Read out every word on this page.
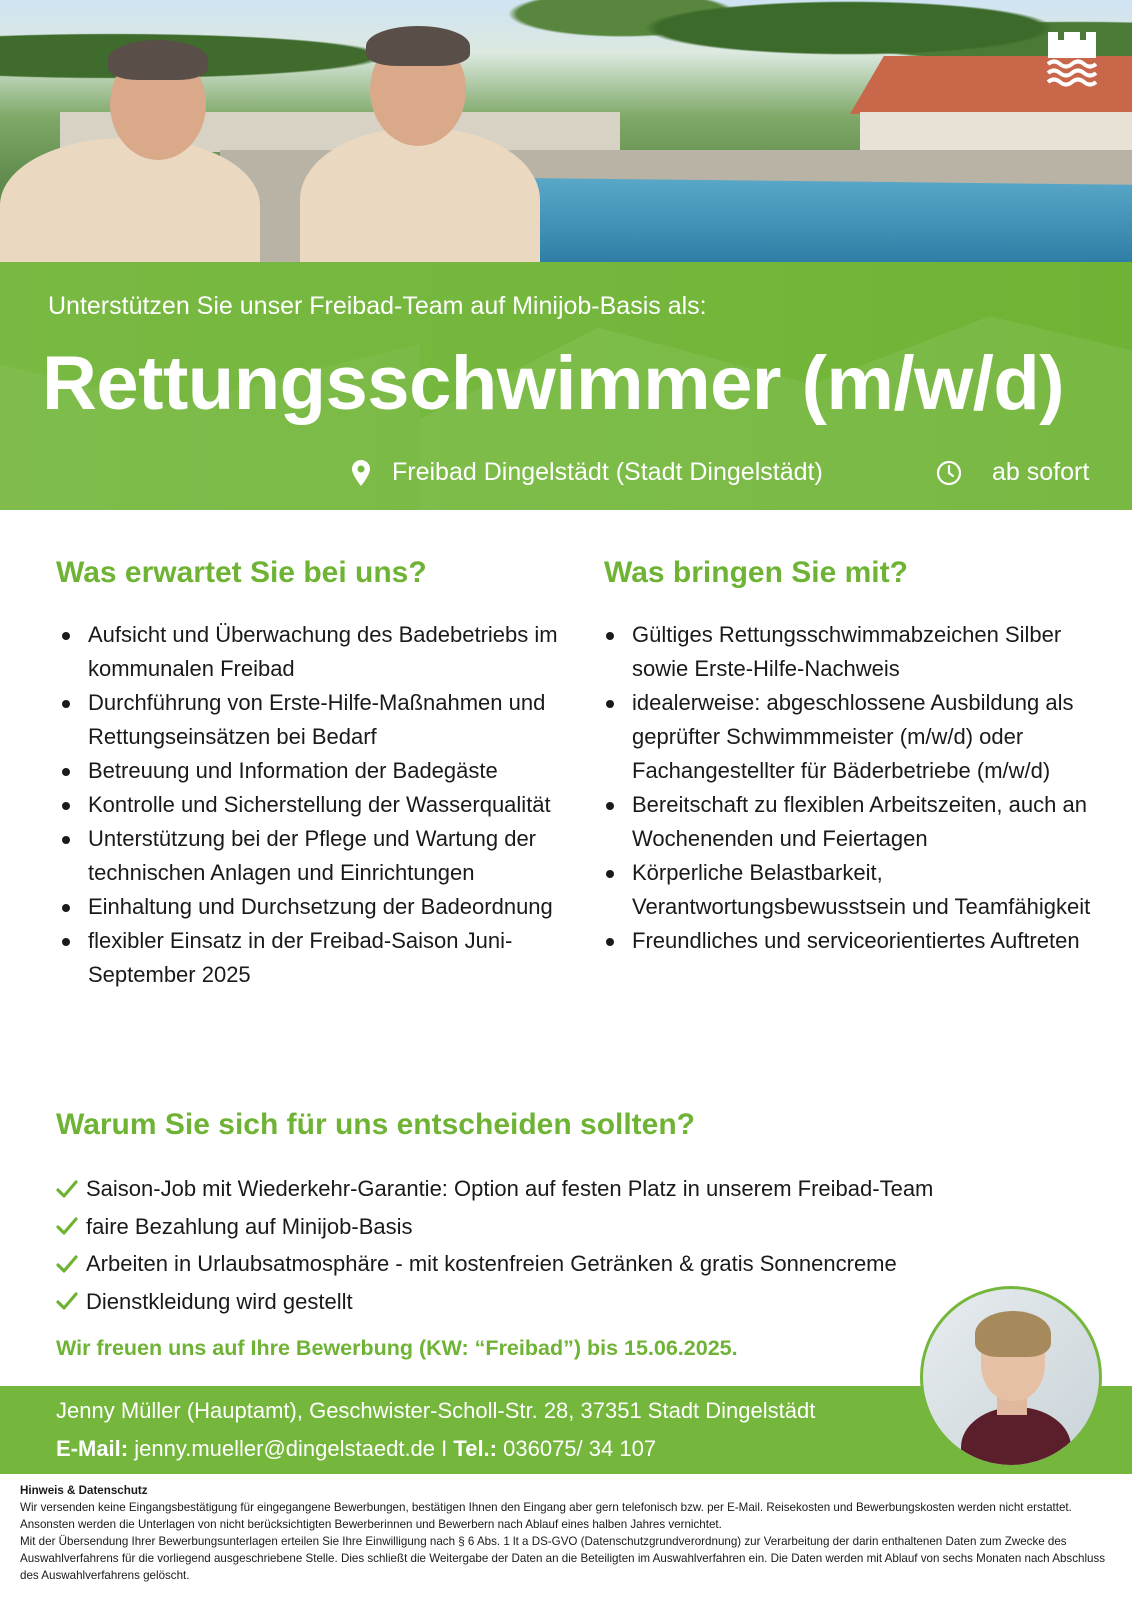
Unterstützen Sie unser Freibad-Team auf Minijob-Basis als:
Rettungsschwimmer (m/w/d)
Freibad Dingelstädt (Stadt Dingelstädt)	ab sofort
Was erwartet Sie bei uns?
Aufsicht und Überwachung des Badebetriebs im kommunalen Freibad
Durchführung von Erste-Hilfe-Maßnahmen und Rettungseinsätzen bei Bedarf
Betreuung und Information der Badegäste
Kontrolle und Sicherstellung der Wasserqualität
Unterstützung bei der Pflege und Wartung der technischen Anlagen und Einrichtungen
Einhaltung und Durchsetzung der Badeordnung
flexibler Einsatz in der Freibad-Saison Juni-September 2025
Was bringen Sie mit?
Gültiges Rettungsschwimmabzeichen Silber sowie Erste-Hilfe-Nachweis
idealerweise: abgeschlossene Ausbildung als geprüfter Schwimmmeister (m/w/d) oder Fachangestellter für Bäderbetriebe (m/w/d)
Bereitschaft zu flexiblen Arbeitszeiten, auch an Wochenenden und Feiertagen
Körperliche Belastbarkeit, Verantwortungsbewusstsein und Teamfähigkeit
Freundliches und serviceorientiertes Auftreten
Warum Sie sich für uns entscheiden sollten?
Saison-Job mit Wiederkehr-Garantie: Option auf festen Platz in unserem Freibad-Team
faire Bezahlung auf Minijob-Basis
Arbeiten in Urlaubsatmosphäre - mit kostenfreien Getränken & gratis Sonnencreme
Dienstkleidung wird gestellt
Wir freuen uns auf Ihre Bewerbung (KW: “Freibad”) bis 15.06.2025.
Jenny Müller (Hauptamt), Geschwister-Scholl-Str. 28, 37351 Stadt Dingelstädt
E-Mail: jenny.mueller@dingelstaedt.de I Tel.: 036075/ 34 107

Hinweis & Datenschutz

Wir versenden keine Eingangsbestätigung für eingegangene Bewerbungen, bestätigen Ihnen den Eingang aber gern telefonisch bzw. per E-Mail. Reisekosten und Bewerbungskosten werden nicht erstattet. Ansonsten werden die Unterlagen von nicht berücksichtigten Bewerberinnen und Bewerbern nach Ablauf eines halben Jahres vernichtet.

Mit der Übersendung Ihrer Bewerbungsunterlagen erteilen Sie Ihre Einwilligung nach § 6 Abs. 1 lt a DS-GVO (Datenschutzgrundverordnung) zur Verarbeitung der darin enthaltenen Daten zum Zwecke des Auswahlverfahrens für die vorliegend ausgeschriebene Stelle. Dies schließt die Weitergabe der Daten an die Beteiligten im Auswahlverfahren ein. Die Daten werden mit Ablauf von sechs Monaten nach Abschluss des Auswahlverfahrens gelöscht.
